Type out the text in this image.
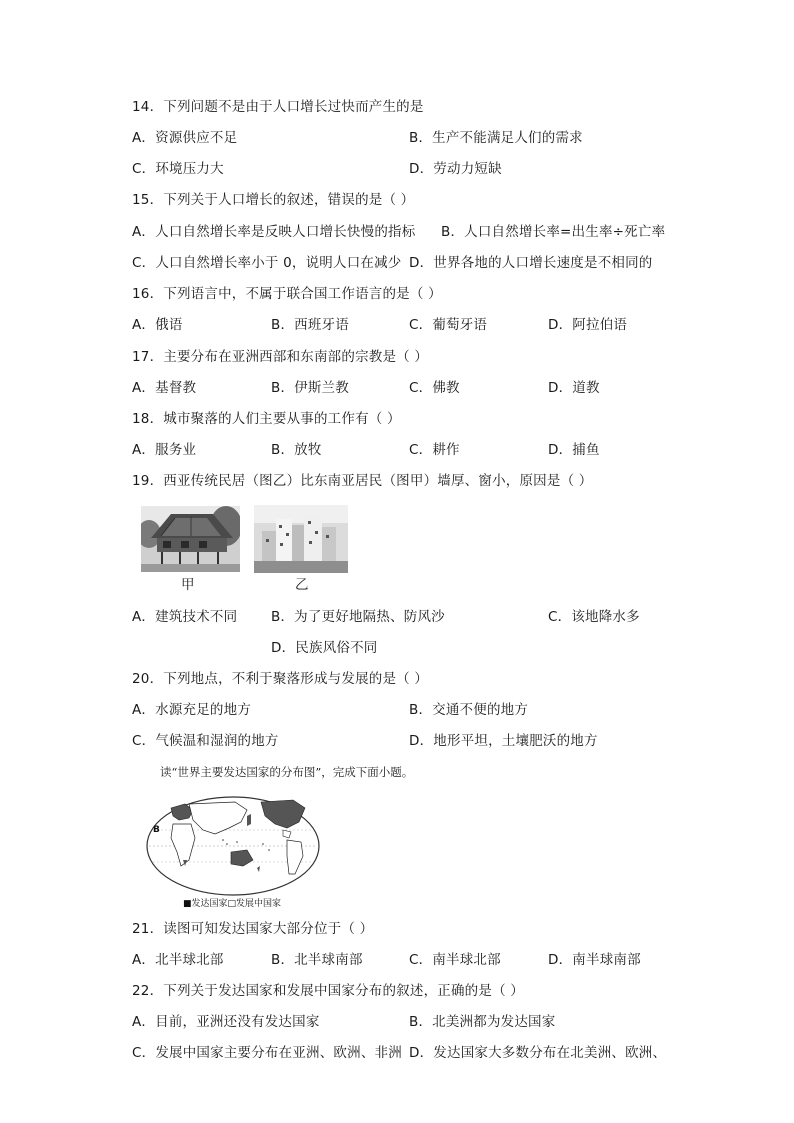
14．下列问题不是由于人口增长过快而产生的是
A．资源供应不足	B．生产不能满足人们的需求
C．环境压力大	D．劳动力短缺
15．下列关于人口增长的叙述，错误的是（ ）
A．人口自然增长率是反映人口增长快慢的指标 B．人口自然增长率=出生率÷死亡率
C．人口自然增长率小于 0，说明人口在减少 D．世界各地的人口增长速度是不相同的
16．下列语言中，不属于联合国工作语言的是（ ）
A．俄语	B．西班牙语	C．葡萄牙语	D．阿拉伯语
17．主要分布在亚洲西部和东南部的宗教是（ ）
A．基督教	B．伊斯兰教	C．佛教	D．道教
18．城市聚落的人们主要从事的工作有（ ）
A．服务业	B．放牧	C．耕作	D．捕鱼
19．西亚传统民居（图乙）比东南亚居民（图甲）墙厚、窗小，原因是（ ）
甲	乙
A．建筑技术不同 B．为了更好地隔热、防风沙	C．该地降水多
D．民族风俗不同
20．下列地点，不利于聚落形成与发展的是（ ）
A．水源充足的地方	B．交通不便的地方
C．气候温和湿润的地方	D．地形平坦，土壤肥沃的地方
读“世界主要发达国家的分布图”，完成下面小题。
B
■发达国家□发展中国家
21．读图可知发达国家大部分位于（ ）
A．北半球北部	B．北半球南部	C．南半球北部	D．南半球南部
22．下列关于发达国家和发展中国家分布的叙述，正确的是（ ）
A．目前，亚洲还没有发达国家	B．北美洲都为发达国家
C．发展中国家主要分布在亚洲、欧洲、非洲 D．发达国家大多数分布在北美洲、欧洲、
